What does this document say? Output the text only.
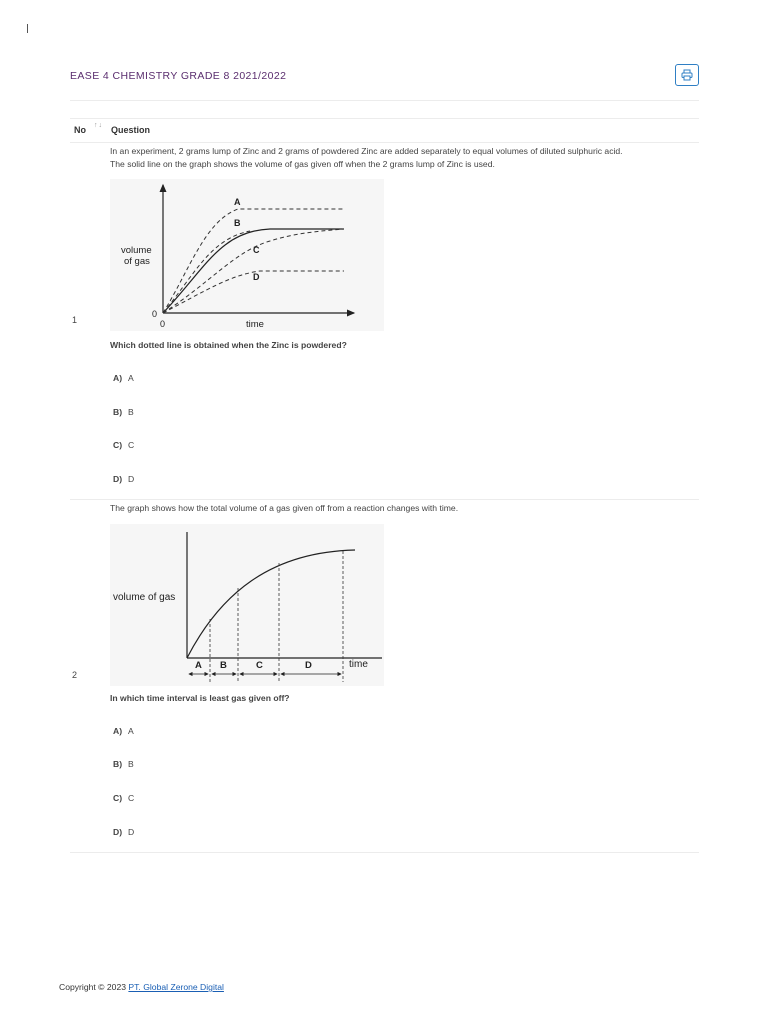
EASE 4 CHEMISTRY GRADE 8 2021/2022
No ↑↓ Question
1
In an experiment, 2 grams lump of Zinc and 2 grams of powdered Zinc are added separately to equal volumes of diluted sulphuric acid.
The solid line on the graph shows the volume of gas given off when the 2 grams lump of Zinc is used.
A
B
C
D
volume
of gas
0
0	time
Which dotted line is obtained when the Zinc is powdered?
A) A
B) B
C) C
D) D
2
The graph shows how the total volume of a gas given off from a reaction changes with time.
A B	C	D
volume of gas
time
In which time interval is least gas given off?
A) A
B) B
C) C
D) D
Copyright © 2023 PT. Global Zerone Digital
